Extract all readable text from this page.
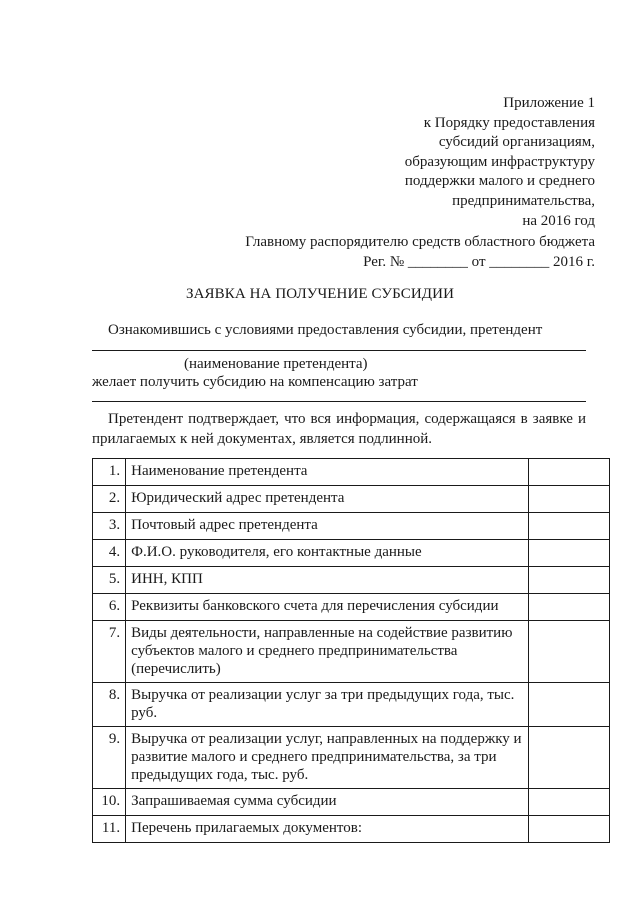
Приложение 1
к Порядку предоставления
субсидий организациям,
образующим инфраструктуру
поддержки малого и среднего
предпринимательства,
на 2016 год
Главному распорядителю средств областного бюджета
Рег. № ________ от ________ 2016 г.
ЗАЯВКА НА ПОЛУЧЕНИЕ СУБСИДИИ
Ознакомившись с условиями предоставления субсидии, претендент
(наименование претендента)
желает получить субсидию на компенсацию затрат
Претендент подтверждает, что вся информация, содержащаяся в заявке и прилагаемых к ней документах, является подлинной.
1.	Наименование претендента	
2.	Юридический адрес претендента	
3.	Почтовый адрес претендента	
4.	Ф.И.О. руководителя, его контактные данные	
5.	ИНН, КПП	
6.	Реквизиты банковского счета для перечисления субсидии	
7.	Виды деятельности, направленные на содействие развитию субъектов малого и среднего предпринимательства (перечислить)	
8.	Выручка от реализации услуг за три предыдущих года, тыс. руб.	
9.	Выручка от реализации услуг, направленных на поддержку и развитие малого и среднего предпринимательства, за три предыдущих года, тыс. руб.	
10.	Запрашиваемая сумма субсидии	
11.	Перечень прилагаемых документов:	
